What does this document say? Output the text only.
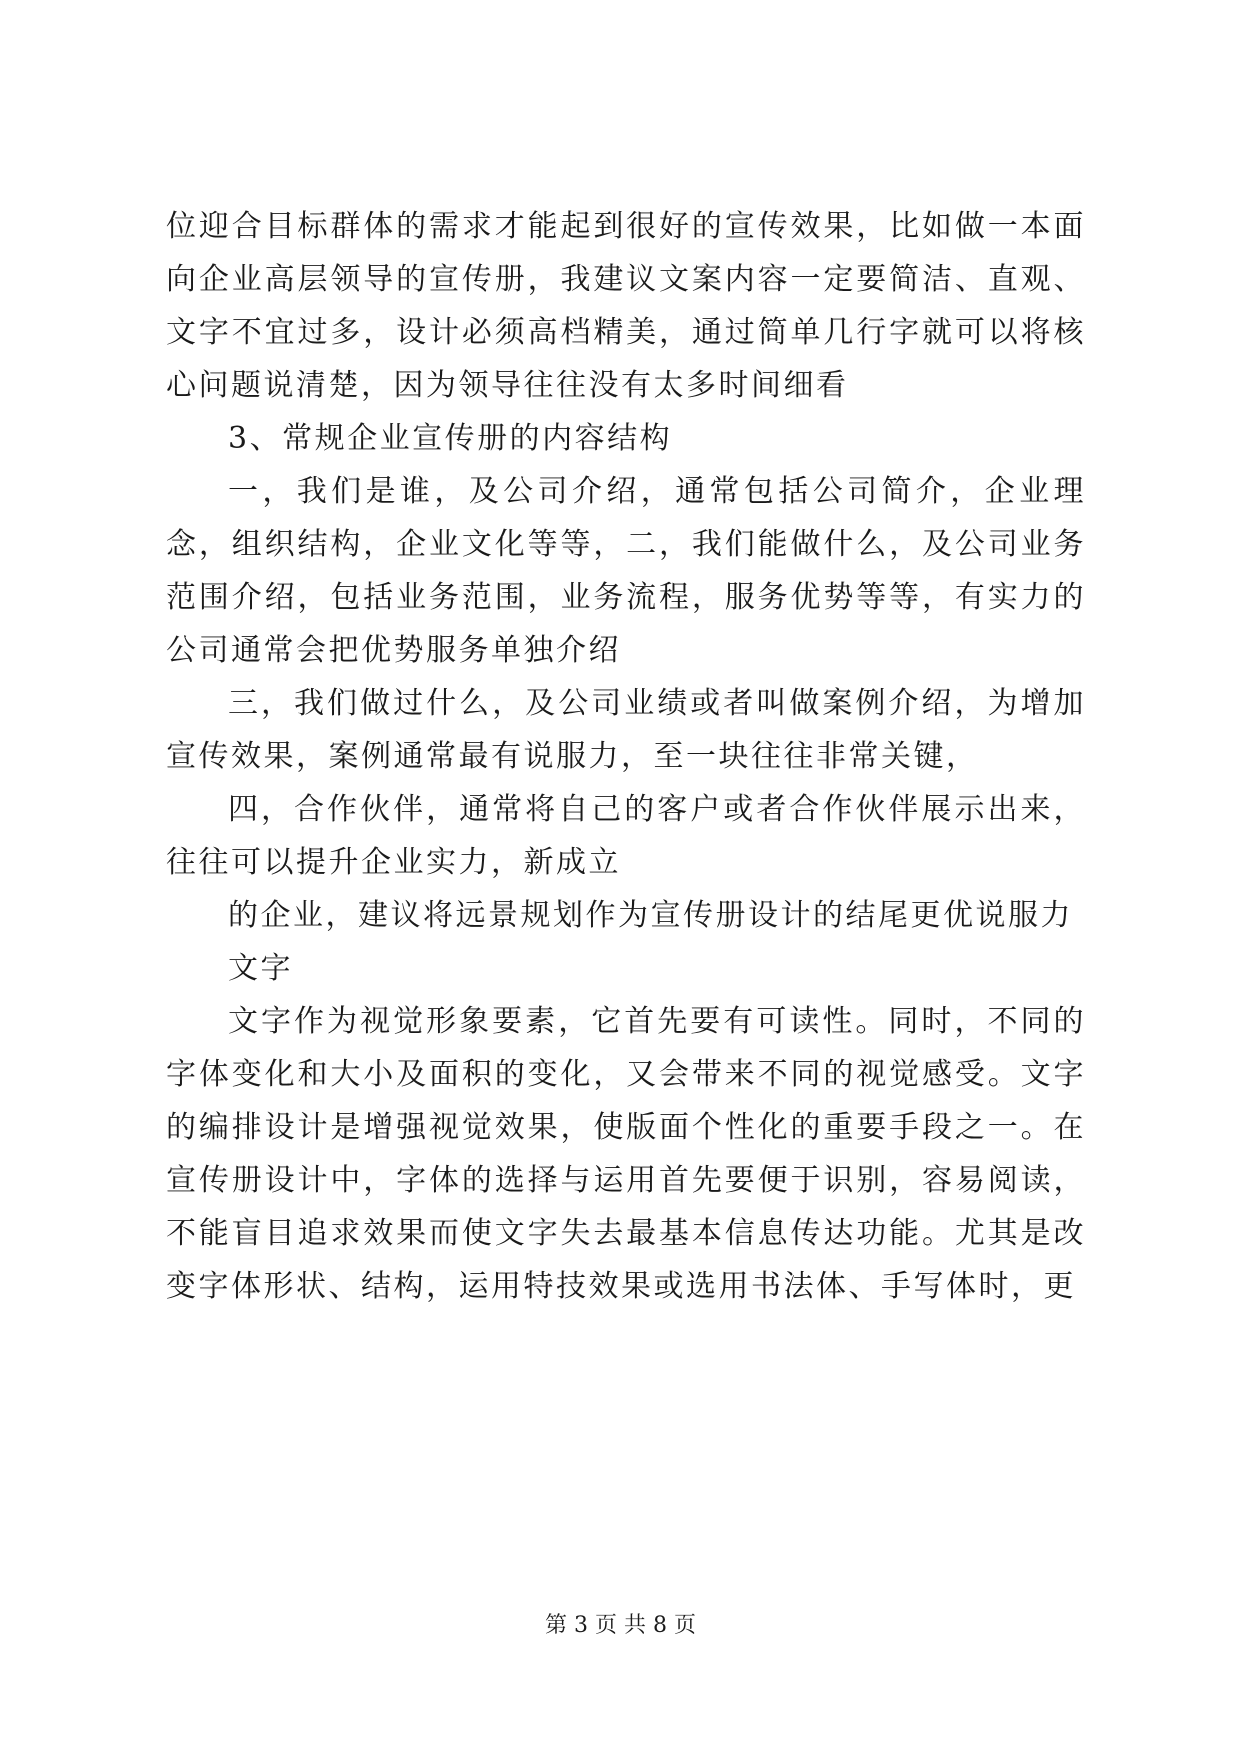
位迎合目标群体的需求才能起到很好的宣传效果，比如做一本面向企业高层领导的宣传册，我建议文案内容一定要简洁、直观、文字不宜过多，设计必须高档精美，通过简单几行字就可以将核心问题说清楚，因为领导往往没有太多时间细看

3、常规企业宣传册的内容结构

一，我们是谁，及公司介绍，通常包括公司简介，企业理念，组织结构，企业文化等等，二，我们能做什么，及公司业务范围介绍，包括业务范围，业务流程，服务优势等等，有实力的公司通常会把优势服务单独介绍

三，我们做过什么，及公司业绩或者叫做案例介绍，为增加宣传效果，案例通常最有说服力，至一块往往非常关键，

四，合作伙伴，通常将自己的客户或者合作伙伴展示出来，往往可以提升企业实力，新成立

的企业，建议将远景规划作为宣传册设计的结尾更优说服力

文字

文字作为视觉形象要素，它首先要有可读性。同时，不同的字体变化和大小及面积的变化，又会带来不同的视觉感受。文字的编排设计是增强视觉效果，使版面个性化的重要手段之一。在宣传册设计中，字体的选择与运用首先要便于识别，容易阅读，不能盲目追求效果而使文字失去最基本信息传达功能。尤其是改变字体形状、结构，运用特技效果或选用书法体、手写体时，更

第 3 页 共 8 页
